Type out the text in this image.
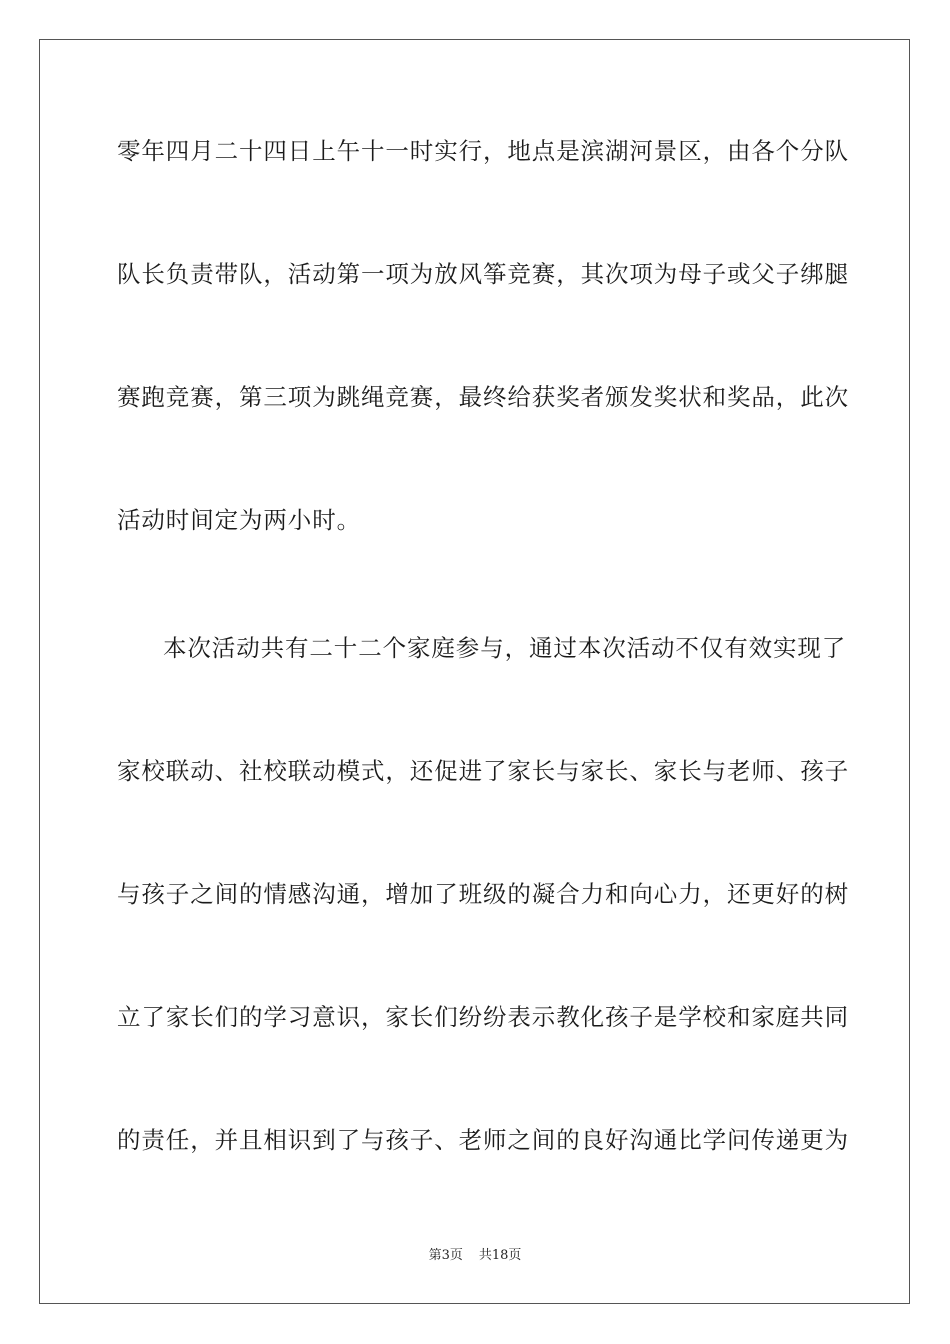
零年四月二十四日上午十一时实行，地点是滨湖河景区，由各个分队
队长负责带队，活动第一项为放风筝竞赛，其次项为母子或父子绑腿
赛跑竞赛，第三项为跳绳竞赛，最终给获奖者颁发奖状和奖品，此次
活动时间定为两小时。
本次活动共有二十二个家庭参与，通过本次活动不仅有效实现了
家校联动、社校联动模式，还促进了家长与家长、家长与老师、孩子
与孩子之间的情感沟通，增加了班级的凝合力和向心力，还更好的树
立了家长们的学习意识，家长们纷纷表示教化孩子是学校和家庭共同
的责任，并且相识到了与孩子、老师之间的良好沟通比学问传递更为
第3页 共18页
